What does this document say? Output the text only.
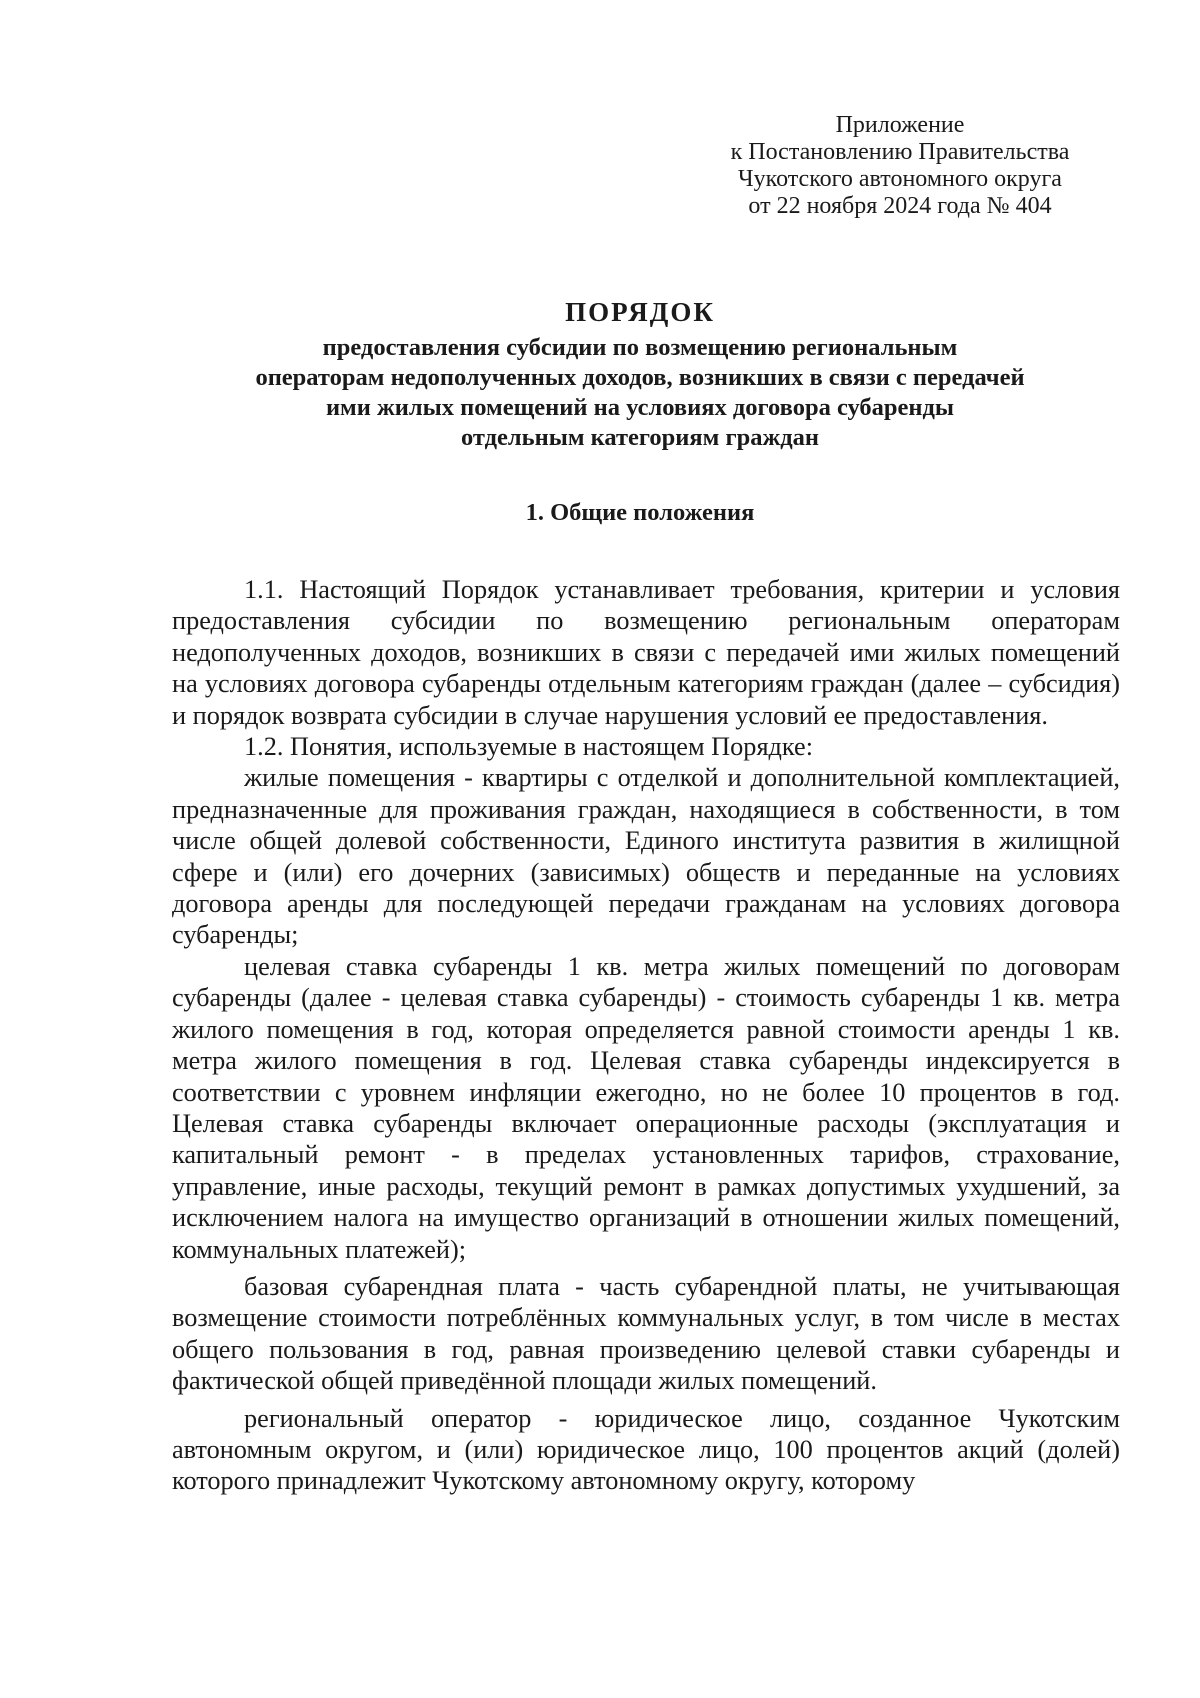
Приложение
к Постановлению Правительства
Чукотского автономного округа
от 22 ноября 2024 года № 404
ПОРЯДОК
предоставления субсидии по возмещению региональным
операторам недополученных доходов, возникших в связи с передачей
ими жилых помещений на условиях договора субаренды
отдельным категориям граждан
1. Общие положения

1.1. Настоящий Порядок устанавливает требования, критерии и условия предоставления субсидии по возмещению региональным операторам недополученных доходов, возникших в связи с передачей ими жилых помещений на условиях договора субаренды отдельным категориям граждан (далее – субсидия) и порядок возврата субсидии в случае нарушения условий ее предоставления.

1.2. Понятия, используемые в настоящем Порядке:

жилые помещения - квартиры с отделкой и дополнительной комплектацией, предназначенные для проживания граждан, находящиеся в собственности, в том числе общей долевой собственности, Единого института развития в жилищной сфере и (или) его дочерних (зависимых) обществ и переданные на условиях договора аренды для последующей передачи гражданам на условиях договора субаренды;

целевая ставка субаренды 1 кв. метра жилых помещений по договорам субаренды (далее - целевая ставка субаренды) - стоимость субаренды 1 кв. метра жилого помещения в год, которая определяется равной стоимости аренды 1 кв. метра жилого помещения в год. Целевая ставка субаренды индексируется в соответствии с уровнем инфляции ежегодно, но не более 10 процентов в год. Целевая ставка субаренды включает операционные расходы (эксплуатация и капитальный ремонт - в пределах установленных тарифов, страхование, управление, иные расходы, текущий ремонт в рамках допустимых ухудшений, за исключением налога на имущество организаций в отношении жилых помещений, коммунальных платежей);

базовая субарендная плата - часть субарендной платы, не учитывающая возмещение стоимости потреблённых коммунальных услуг, в том числе в местах общего пользования в год, равная произведению целевой ставки субаренды и фактической общей приведённой площади жилых помещений.

региональный оператор - юридическое лицо, созданное Чукотским автономным округом, и (или) юридическое лицо, 100 процентов акций (долей) которого принадлежит Чукотскому автономному округу, которому
